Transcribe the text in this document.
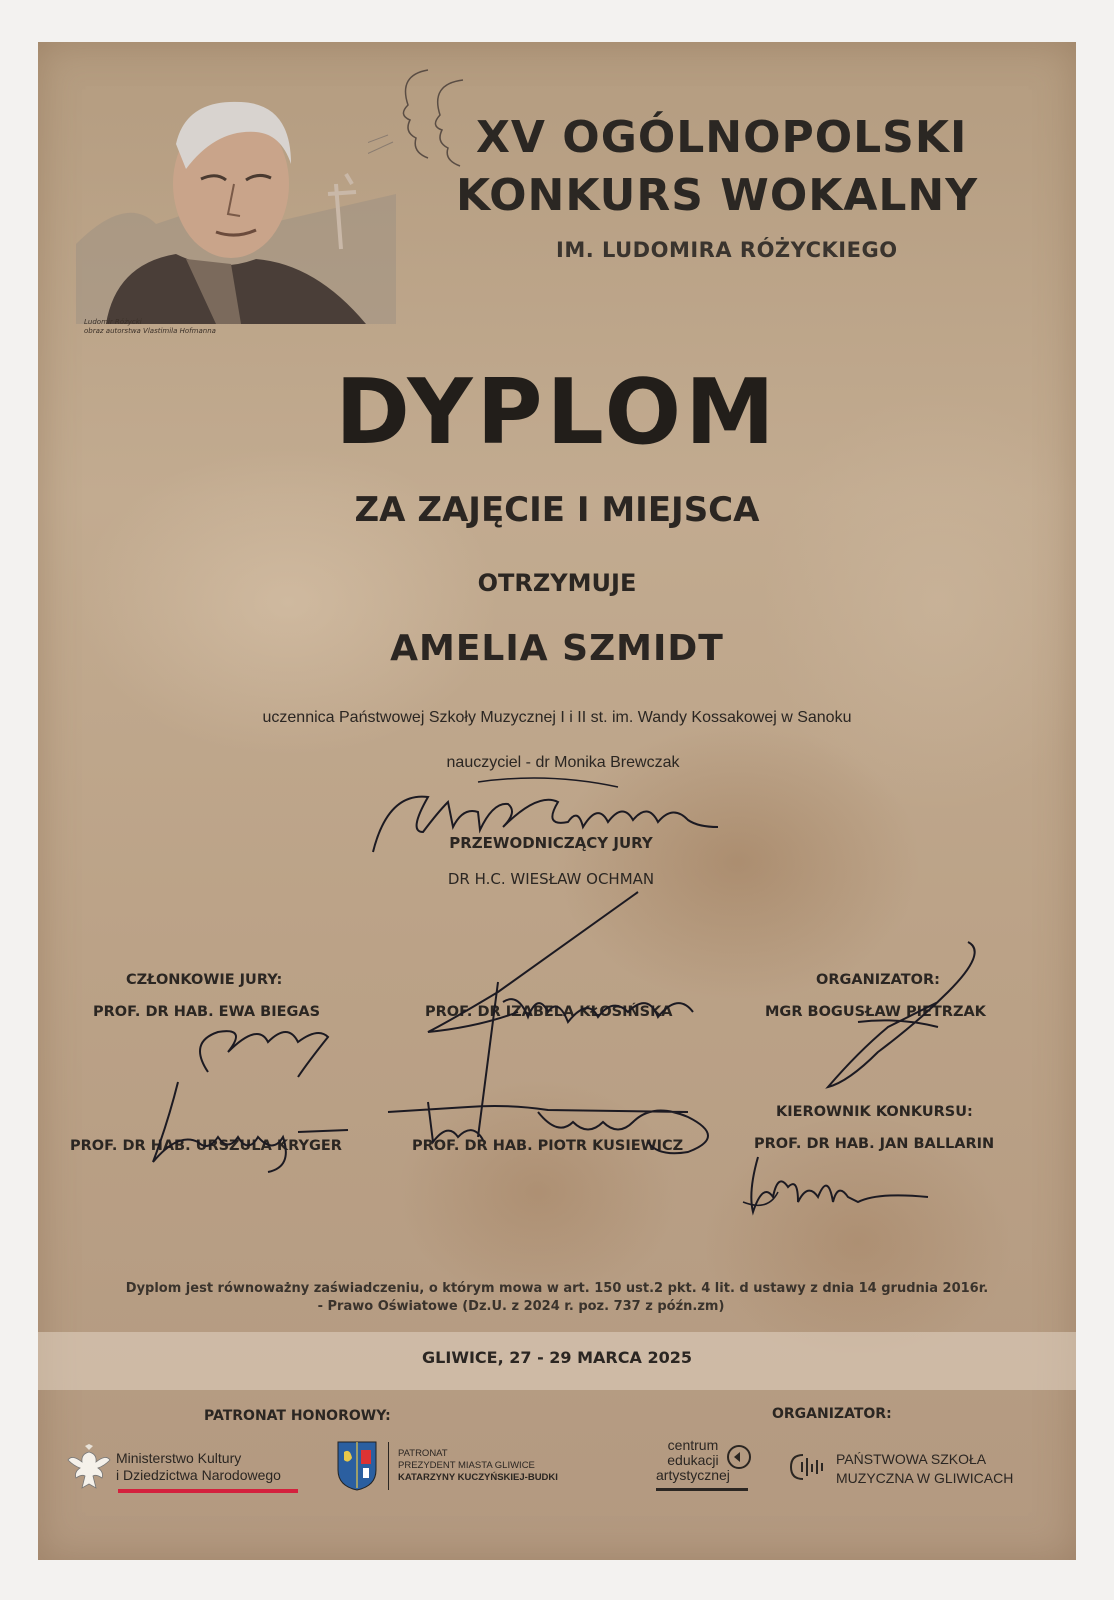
Ludomir Różycki
obraz autorstwa Vlastimila Hofmanna
XV OGÓLNOPOLSKI
KONKURS WOKALNY
IM. LUDOMIRA RÓŻYCKIEGO
DYPLOM
ZA ZAJĘCIE I MIEJSCA
OTRZYMUJE
AMELIA SZMIDT
uczennica Państwowej Szkoły Muzycznej I i II st. im. Wandy Kossakowej w Sanoku
nauczyciel - dr Monika Brewczak
PRZEWODNICZĄCY JURY
DR H.C. WIESŁAW OCHMAN
CZŁONKOWIE JURY:
PROF. DR HAB. EWA BIEGAS
PROF. DR HAB. URSZULA KRYGER
PROF. DR IZABELA KŁOSIŃSKA
PROF. DR HAB. PIOTR KUSIEWICZ
ORGANIZATOR:
MGR BOGUSŁAW PIETRZAK
KIEROWNIK KONKURSU:
PROF. DR HAB. JAN BALLARIN
Dyplom jest równoważny zaświadczeniu, o którym mowa w art. 150 ust.2 pkt. 4 lit. d ustawy z dnia 14 grudnia 2016r.
- Prawo Oświatowe (Dz.U. z 2024 r. poz. 737 z późn.zm)
GLIWICE, 27 - 29 MARCA 2025
PATRONAT HONOROWY:	ORGANIZATOR:
Ministerstwo Kultury
i Dziedzictwa Narodowego
PATRONAT
PREZYDENT MIASTA GLIWICE
KATARZYNY KUCZYŃSKIEJ-BUDKI
centrum
edukacji
artystycznej
PAŃSTWOWA SZKOŁA
MUZYCZNA W GLIWICACH
